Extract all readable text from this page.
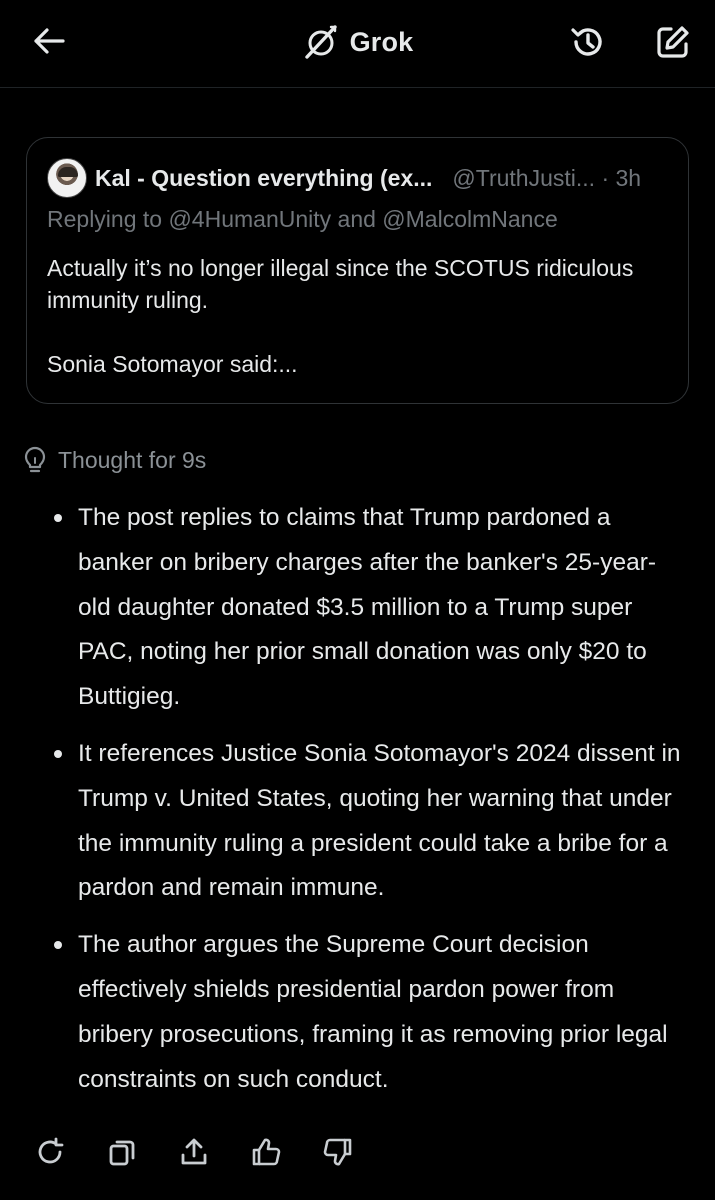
Grok
Kal - Question everything (ex... @TruthJusti... · 3h
Replying to @4HumanUnity and @MalcolmNance

Actually it’s no longer illegal since the SCOTUS ridiculous immunity ruling.

Sonia Sotomayor said:...

Thought for 9s
The post replies to claims that Trump pardoned a banker on bribery charges after the banker's 25-year-old daughter donated $3.5 million to a Trump super PAC, noting her prior small donation was only $20 to Buttigieg.
It references Justice Sonia Sotomayor's 2024 dissent in Trump v. United States, quoting her warning that under the immunity ruling a president could take a bribe for a pardon and remain immune.
The author argues the Supreme Court decision effectively shields presidential pardon power from bribery prosecutions, framing it as removing prior legal constraints on such conduct.
